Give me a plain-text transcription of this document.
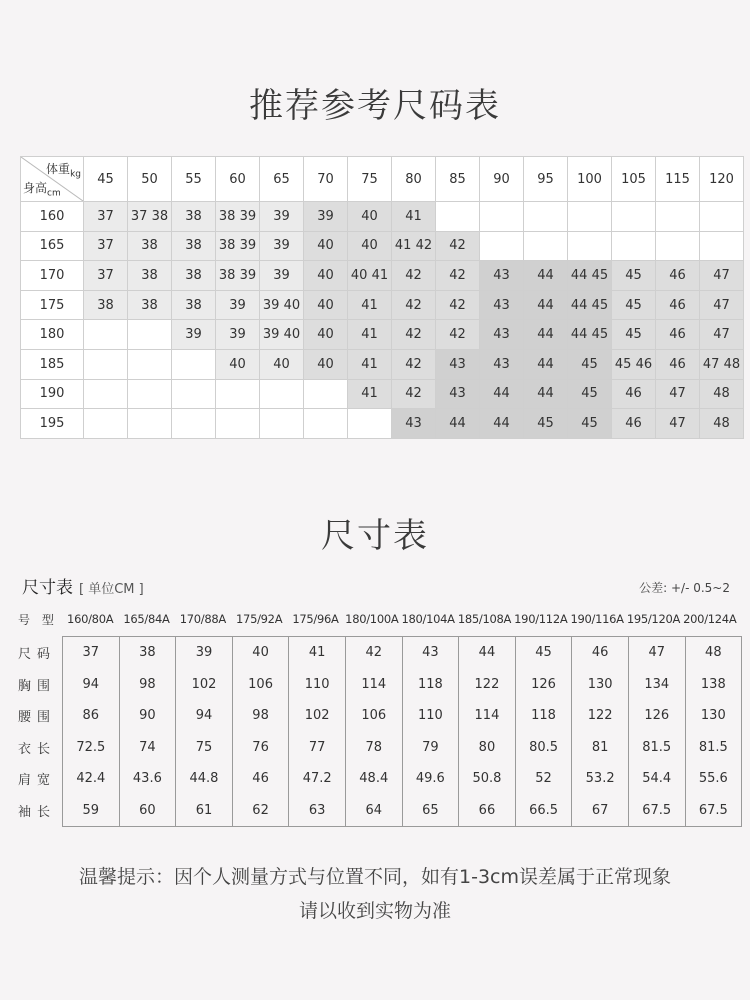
推荐参考尺码表
体重$_{kg}$
身高$_{cm}$	45	50	55	60	65	70	75	80	85	90	95	100	105	115	120
160	37	37 38	38	38 39	39	39	40	41							
165	37	38	38	38 39	39	40	40	41 42	42						
170	37	38	38	38 39	39	40	40 41	42	42	43	44	44 45	45	46	47
175	38	38	38	39	39 40	40	41	42	42	43	44	44 45	45	46	47
180			39	39	39 40	40	41	42	42	43	44	44 45	45	46	47
185				40	40	40	41	42	43	43	44	45	45 46	46	47 48
190							41	42	43	44	44	45	46	47	48
195								43	44	44	45	45	46	47	48
尺寸表
尺寸表 [ 单位CM ]	公差: +/- 0.5~2
号 型 160/80A 165/84A 170/88A 175/92A 175/96A 180/100A 180/104A 185/108A 190/112A 190/116A 195/120A 200/124A
尺码	37	38	39	40	41	42	43	44	45	46	47	48
胸围	94	98	102	106	110	114	118	122	126	130	134	138
腰围	86	90	94	98	102	106	110	114	118	122	126	130
衣长	72.5	74	75	76	77	78	79	80	80.5	81	81.5	81.5
肩宽	42.4	43.6	44.8	46	47.2	48.4	49.6	50.8	52	53.2	54.4	55.6
袖长	59	60	61	62	63	64	65	66	66.5	67	67.5	67.5
温馨提示：因个人测量方式与位置不同，如有1-3cm误差属于正常现象
请以收到实物为准
